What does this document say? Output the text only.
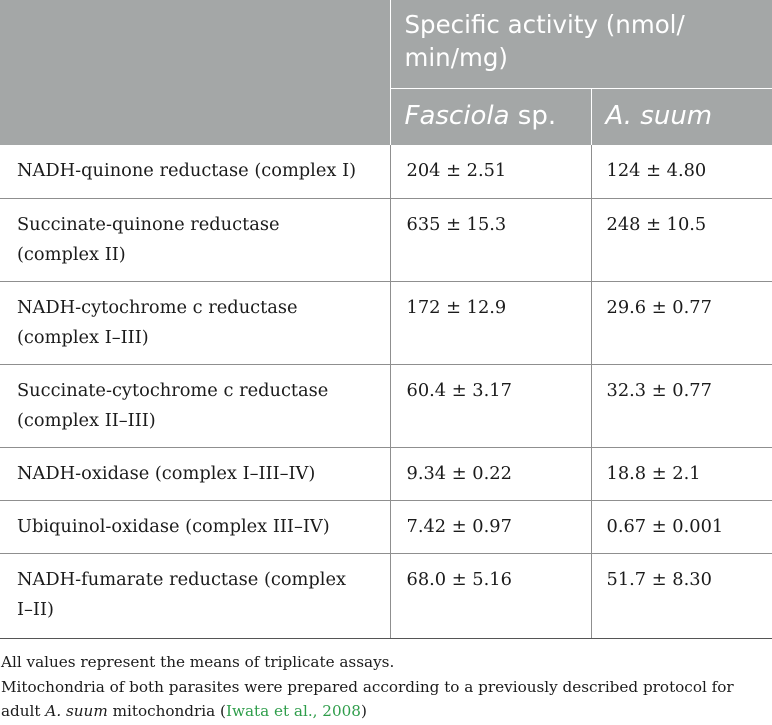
	Specific activity (nmol/
min/mg)	
	Fasciola sp.	A. suum
NADH-quinone reductase (complex I)	204 ± 2.51	124 ± 4.80
Succinate-quinone reductase
(complex II)	635 ± 15.3	248 ± 10.5
NADH-cytochrome c reductase
(complex I–III)	172 ± 12.9	29.6 ± 0.77
Succinate-cytochrome c reductase
(complex II–III)	60.4 ± 3.17	32.3 ± 0.77
NADH-oxidase (complex I–III–IV)	9.34 ± 0.22	18.8 ± 2.1
Ubiquinol-oxidase (complex III–IV)	7.42 ± 0.97	0.67 ± 0.001
NADH-fumarate reductase (complex
I–II)	68.0 ± 5.16	51.7 ± 8.30

All values represent the means of triplicate assays.

Mitochondria of both parasites were prepared according to a previously described protocol for

adult A. suum mitochondria (Iwata et al., 2008)
